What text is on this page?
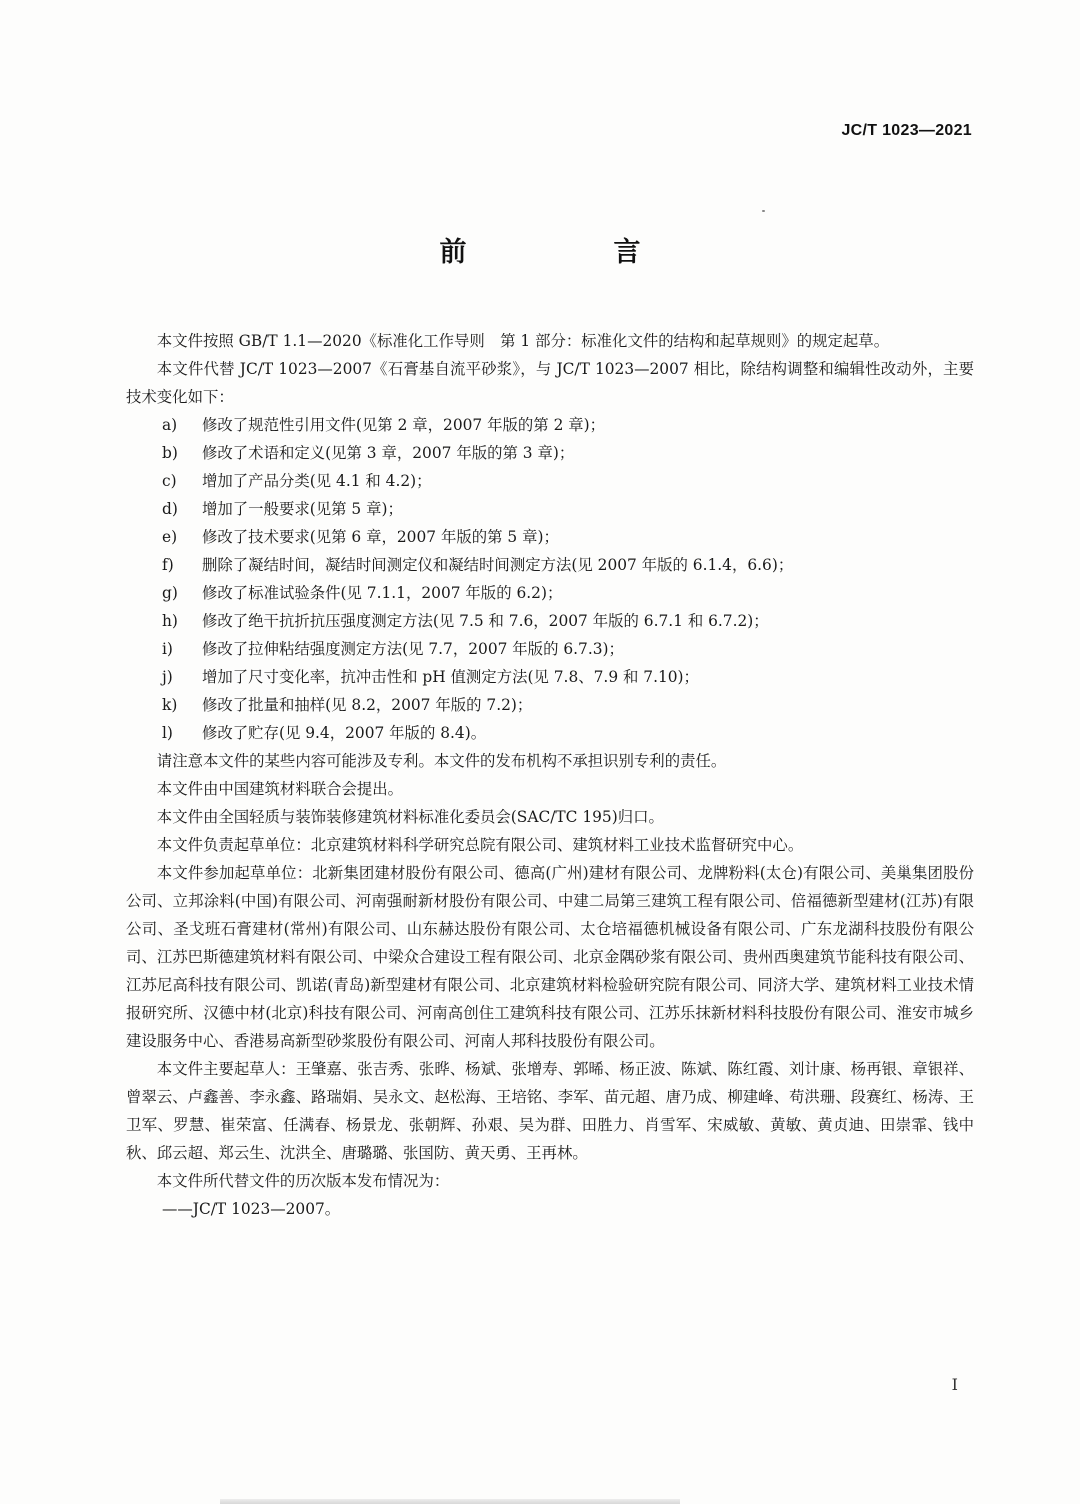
JC/T 1023—2021
前　言

本文件按照 GB/T 1.1—2020《标准化工作导则　第 1 部分：标准化文件的结构和起草规则》的规定起草。

本文件代替 JC/T 1023—2007《石膏基自流平砂浆》，与 JC/T 1023—2007 相比，除结构调整和编辑性改动外，主要技术变化如下：

a)	修改了规范性引用文件(见第 2 章，2007 年版的第 2 章)；
b)	修改了术语和定义(见第 3 章，2007 年版的第 3 章)；
c)	增加了产品分类(见 4.1 和 4.2)；
d)	增加了一般要求(见第 5 章)；
e)	修改了技术要求(见第 6 章，2007 年版的第 5 章)；
f)	删除了凝结时间，凝结时间测定仪和凝结时间测定方法(见 2007 年版的 6.1.4，6.6)；
g)	修改了标准试验条件(见 7.1.1，2007 年版的 6.2)；
h)	修改了绝干抗折抗压强度测定方法(见 7.5 和 7.6，2007 年版的 6.7.1 和 6.7.2)；
i)	修改了拉伸粘结强度测定方法(见 7.7，2007 年版的 6.7.3)；
j)	增加了尺寸变化率，抗冲击性和 pH 值测定方法(见 7.8、7.9 和 7.10)；
k)	修改了批量和抽样(见 8.2，2007 年版的 7.2)；
l)	修改了贮存(见 9.4，2007 年版的 8.4)。

请注意本文件的某些内容可能涉及专利。本文件的发布机构不承担识别专利的责任。

本文件由中国建筑材料联合会提出。

本文件由全国轻质与装饰装修建筑材料标准化委员会(SAC/TC 195)归口。

本文件负责起草单位：北京建筑材料科学研究总院有限公司、建筑材料工业技术监督研究中心。

本文件参加起草单位：北新集团建材股份有限公司、德高(广州)建材有限公司、龙牌粉料(太仓)有限公司、美巢集团股份公司、立邦涂料(中国)有限公司、河南强耐新材股份有限公司、中建二局第三建筑工程有限公司、倍福德新型建材(江苏)有限公司、圣戈班石膏建材(常州)有限公司、山东赫达股份有限公司、太仓培福德机械设备有限公司、广东龙湖科技股份有限公司、江苏巴斯德建筑材料有限公司、中梁众合建设工程有限公司、北京金隅砂浆有限公司、贵州西奥建筑节能科技有限公司、江苏尼高科技有限公司、凯诺(青岛)新型建材有限公司、北京建筑材料检验研究院有限公司、同济大学、建筑材料工业技术情报研究所、汉德中材(北京)科技有限公司、河南高创住工建筑科技有限公司、江苏乐抹新材料科技股份有限公司、淮安市城乡建设服务中心、香港易高新型砂浆股份有限公司、河南人邦科技股份有限公司。

本文件主要起草人：王肇嘉、张吉秀、张晔、杨斌、张增寿、郭晞、杨正波、陈斌、陈红霞、刘计康、杨再银、章银祥、曾翠云、卢鑫善、李永鑫、路瑞娟、吴永文、赵松海、王培铭、李军、苗元超、唐乃成、柳建峰、苟洪珊、段赛红、杨涛、王卫军、罗慧、崔荣富、任满春、杨景龙、张朝辉、孙艰、吴为群、田胜力、肖雪军、宋威敏、黄敏、黄贞迪、田崇霏、钱中秋、邱云超、郑云生、沈洪全、唐璐璐、张国防、黄天勇、王再林。

本文件所代替文件的历次版本发布情况为：

——JC/T 1023—2007。
I
